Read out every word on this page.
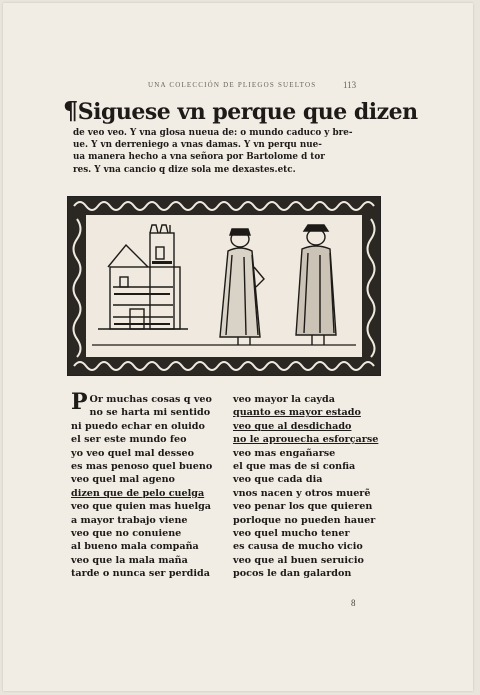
UNA COLECCIÓN DE PLIEGOS SUELTOS	113
¶Siguese vn perque que dizen
de veo veo. Y vna glosa nueua de: o mundo caduco y bre-
ue. Y vn derreniego a vnas damas. Y vn perqu nue-
ua manera hecho a vna señora por Bartolome d tor
res. Y vna cancio q dize sola me dexastes.etc.
P Or muchas cosas q veo
no se harta mi sentido
ni puedo echar en oluido
el ser este mundo feo
yo veo quel mal desseo
es mas penoso quel bueno
veo quel mal ageno
dizen que de pelo cuelga
veo que quien mas huelga
a mayor trabajo viene
veo que no conuiene
al bueno mala compaña
veo que la mala maña
tarde o nunca ser perdida
veo mayor la cayda
quanto es mayor estado
veo que al desdichado
no le aprouecha esforçarse
veo mas engañarse
el que mas de si confia
veo que cada dia
vnos nacen y otros muerẽ
veo penar los que quieren
porloque no pueden hauer
veo quel mucho tener
es causa de mucho vicio
veo que al buen seruicio
pocos le dan galardon
8
